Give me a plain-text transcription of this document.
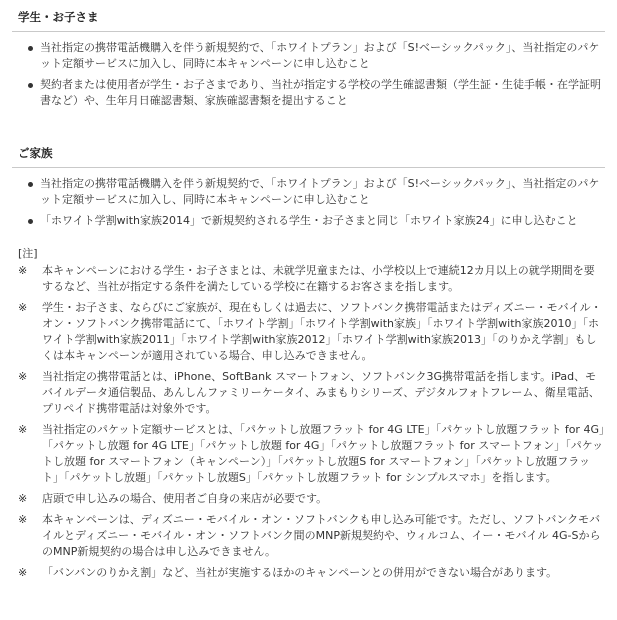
学生・お子さま
当社指定の携帯電話機購入を伴う新規契約で、「ホワイトプラン」および「S!ベーシックパック」、当社指定のパケット定額サービスに加入し、同時に本キャンペーンに申し込むこと
契約者または使用者が学生・お子さまであり、当社が指定する学校の学生確認書類（学生証・生徒手帳・在学証明書など）や、生年月日確認書類、家族確認書類を提出すること
ご家族
当社指定の携帯電話機購入を伴う新規契約で、「ホワイトプラン」および「S!ベーシックパック」、当社指定のパケット定額サービスに加入し、同時に本キャンペーンに申し込むこと
「ホワイト学割with家族2014」で新規契約される学生・お子さまと同じ「ホワイト家族24」に申し込むこと
[注]
※	本キャンペーンにおける学生・お子さまとは、未就学児童または、小学校以上で連続12カ月以上の就学期間を要するなど、当社が指定する条件を満たしている学校に在籍するお客さまを指します。
※	学生・お子さま、ならびにご家族が、現在もしくは過去に、ソフトバンク携帯電話またはディズニー・モバイル・オン・ソフトバンク携帯電話にて、「ホワイト学割」「ホワイト学割with家族」「ホワイト学割with家族2010」「ホワイト学割with家族2011」「ホワイト学割with家族2012」「ホワイト学割with家族2013」「のりかえ学割」もしくは本キャンペーンが適用されている場合、申し込みできません。
※	当社指定の携帯電話とは、iPhone、SoftBank スマートフォン、ソフトバンク3G携帯電話を指します。iPad、モバイルデータ通信製品、あんしんファミリーケータイ、みまもりシリーズ、デジタルフォトフレーム、衛星電話、プリペイド携帯電話は対象外です。
※	当社指定のパケット定額サービスとは、「パケットし放題フラット for 4G LTE」「パケットし放題フラット for 4G」「パケットし放題 for 4G LTE」「パケットし放題 for 4G」「パケットし放題フラット for スマートフォン」「パケットし放題 for スマートフォン（キャンペーン）」「パケットし放題S for スマートフォン」「パケットし放題フラット」「パケットし放題」「パケットし放題S」「パケットし放題フラット for シンプルスマホ」を指します。
※	店頭で申し込みの場合、使用者ご自身の来店が必要です。
※	本キャンペーンは、ディズニー・モバイル・オン・ソフトバンクも申し込み可能です。ただし、ソフトバンクモバイルとディズニー・モバイル・オン・ソフトバンク間のMNP新規契約や、ウィルコム、イー・モバイル 4G-SからのMNP新規契約の場合は申し込みできません。
※	「バンバンのりかえ割」など、当社が実施するほかのキャンペーンとの併用ができない場合があります。
